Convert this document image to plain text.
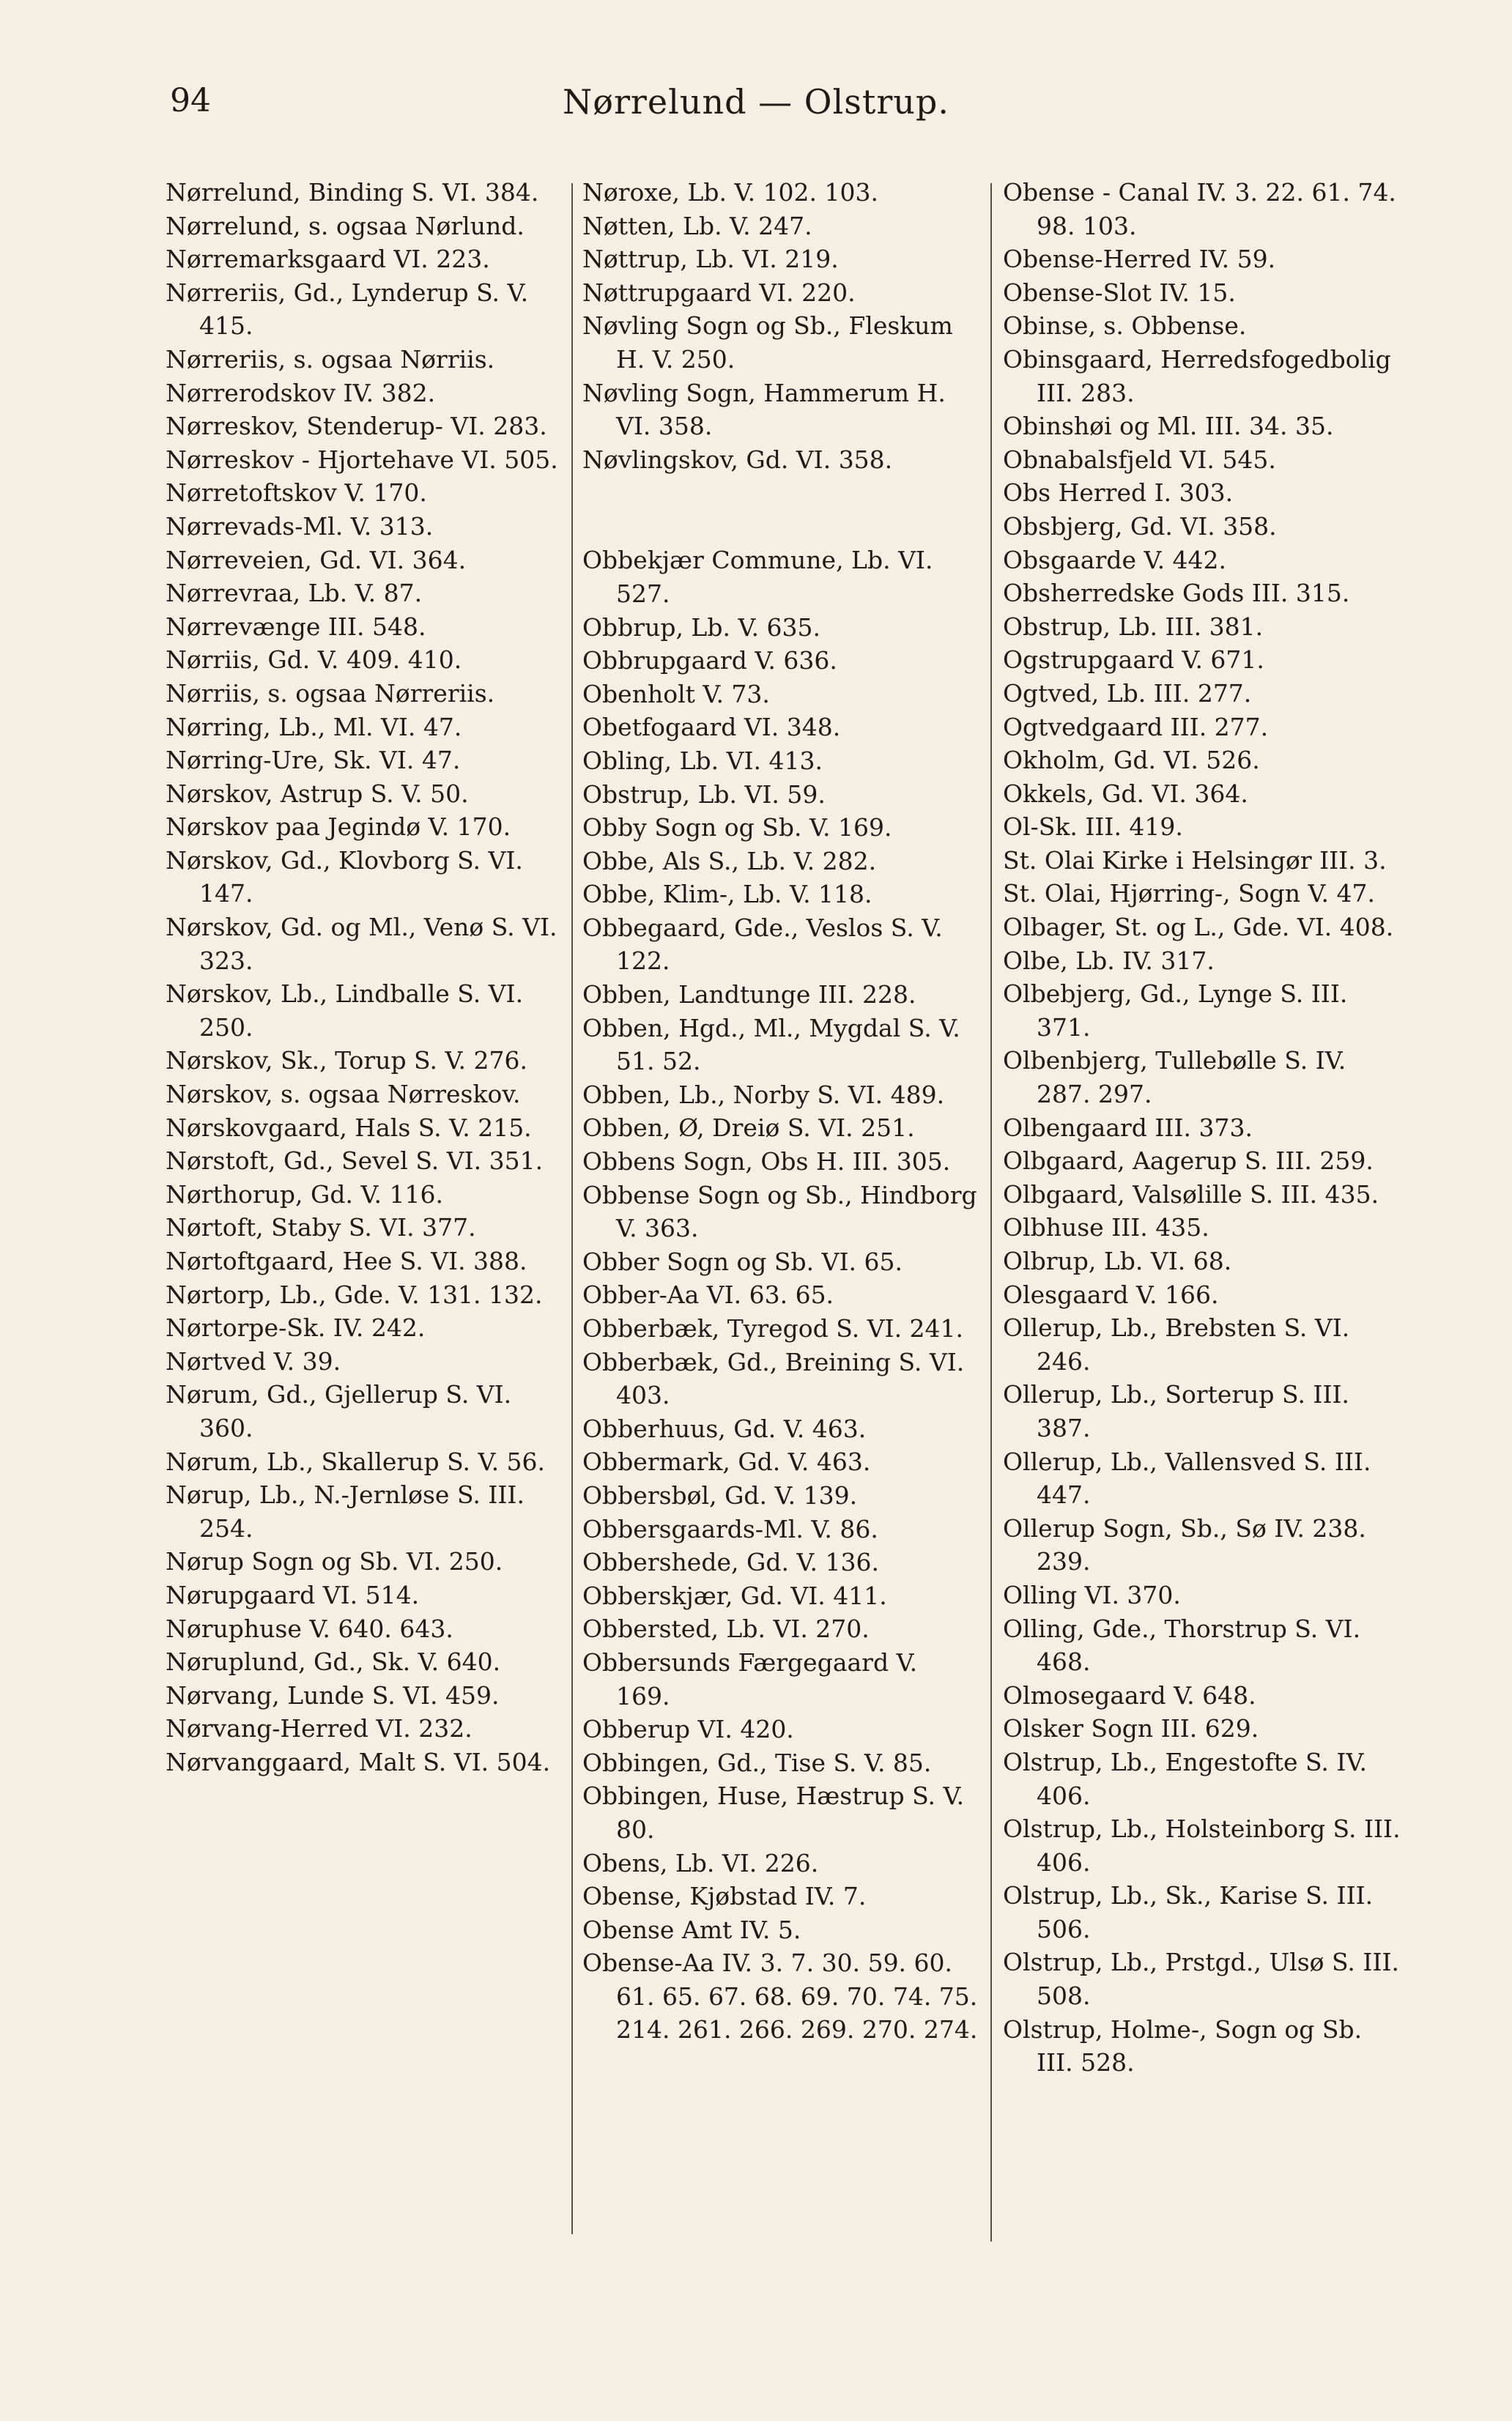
94	Nørrelund — Olstrup.

Nørrelund, Binding S. VI. 384.

Nørrelund, s. ogsaa Nørlund.

Nørremarksgaard VI. 223.

Nørreriis, Gd., Lynderup S. V. 415.

Nørreriis, s. ogsaa Nørriis.

Nørrerodskov IV. 382.

Nørreskov, Stenderup- VI. 283.

Nørreskov - Hjortehave VI. 505.

Nørretoftskov V. 170.

Nørrevads-Ml. V. 313.

Nørreveien, Gd. VI. 364.

Nørrevraa, Lb. V. 87.

Nørrevænge III. 548.

Nørriis, Gd. V. 409. 410.

Nørriis, s. ogsaa Nørreriis.

Nørring, Lb., Ml. VI. 47.

Nørring-Ure, Sk. VI. 47.

Nørskov, Astrup S. V. 50.

Nørskov paa Jegindø V. 170.

Nørskov, Gd., Klovborg S. VI. 147.

Nørskov, Gd. og Ml., Venø S. VI. 323.

Nørskov, Lb., Lindballe S. VI. 250.

Nørskov, Sk., Torup S. V. 276.

Nørskov, s. ogsaa Nørreskov.

Nørskovgaard, Hals S. V. 215.

Nørstoft, Gd., Sevel S. VI. 351.

Nørthorup, Gd. V. 116.

Nørtoft, Staby S. VI. 377.

Nørtoftgaard, Hee S. VI. 388.

Nørtorp, Lb., Gde. V. 131. 132.

Nørtorpe-Sk. IV. 242.

Nørtved V. 39.

Nørum, Gd., Gjellerup S. VI. 360.

Nørum, Lb., Skallerup S. V. 56.

Nørup, Lb., N.-Jernløse S. III. 254.

Nørup Sogn og Sb. VI. 250.

Nørupgaard VI. 514.

Nøruphuse V. 640. 643.

Nøruplund, Gd., Sk. V. 640.

Nørvang, Lunde S. VI. 459.

Nørvang-Herred VI. 232.

Nørvanggaard, Malt S. VI. 504.

Nøroxe, Lb. V. 102. 103.

Nøtten, Lb. V. 247.

Nøttrup, Lb. VI. 219.

Nøttrupgaard VI. 220.

Nøvling Sogn og Sb., Fleskum H. V. 250.

Nøvling Sogn, Hammerum H. VI. 358.

Nøvlingskov, Gd. VI. 358.

Obbekjær Commune, Lb. VI. 527.

Obbrup, Lb. V. 635.

Obbrupgaard V. 636.

Obenholt V. 73.

Obetfogaard VI. 348.

Obling, Lb. VI. 413.

Obstrup, Lb. VI. 59.

Obby Sogn og Sb. V. 169.

Obbe, Als S., Lb. V. 282.

Obbe, Klim-, Lb. V. 118.

Obbegaard, Gde., Veslos S. V. 122.

Obben, Landtunge III. 228.

Obben, Hgd., Ml., Mygdal S. V. 51. 52.

Obben, Lb., Norby S. VI. 489.

Obben, Ø, Dreiø S. VI. 251.

Obbens Sogn, Obs H. III. 305.

Obbense Sogn og Sb., Hindborg V. 363.

Obber Sogn og Sb. VI. 65.

Obber-Aa VI. 63. 65.

Obberbæk, Tyregod S. VI. 241.

Obberbæk, Gd., Breining S. VI. 403.

Obberhuus, Gd. V. 463.

Obbermark, Gd. V. 463.

Obbersbøl, Gd. V. 139.

Obbersgaards-Ml. V. 86.

Obbershede, Gd. V. 136.

Obberskjær, Gd. VI. 411.

Obbersted, Lb. VI. 270.

Obbersunds Færgegaard V. 169.

Obberup VI. 420.

Obbingen, Gd., Tise S. V. 85.

Obbingen, Huse, Hæstrup S. V. 80.

Obens, Lb. VI. 226.

Obense, Kjøbstad IV. 7.

Obense Amt IV. 5.

Obense-Aa IV. 3. 7. 30. 59. 60. 61. 65. 67. 68. 69. 70. 74. 75. 214. 261. 266. 269. 270. 274.

Obense - Canal IV. 3. 22. 61. 74. 98. 103.

Obense-Herred IV. 59.

Obense-Slot IV. 15.

Obinse, s. Obbense.

Obinsgaard, Herredsfogedbolig III. 283.

Obinshøi og Ml. III. 34. 35.

Obnabalsfjeld VI. 545.

Obs Herred I. 303.

Obsbjerg, Gd. VI. 358.

Obsgaarde V. 442.

Obsherredske Gods III. 315.

Obstrup, Lb. III. 381.

Ogstrupgaard V. 671.

Ogtved, Lb. III. 277.

Ogtvedgaard III. 277.

Okholm, Gd. VI. 526.

Okkels, Gd. VI. 364.

Ol-Sk. III. 419.

St. Olai Kirke i Helsingør III. 3.

St. Olai, Hjørring-, Sogn V. 47.

Olbager, St. og L., Gde. VI. 408.

Olbe, Lb. IV. 317.

Olbebjerg, Gd., Lynge S. III. 371.

Olbenbjerg, Tullebølle S. IV. 287. 297.

Olbengaard III. 373.

Olbgaard, Aagerup S. III. 259.

Olbgaard, Valsølille S. III. 435.

Olbhuse III. 435.

Olbrup, Lb. VI. 68.

Olesgaard V. 166.

Ollerup, Lb., Brebsten S. VI. 246.

Ollerup, Lb., Sorterup S. III. 387.

Ollerup, Lb., Vallensved S. III. 447.

Ollerup Sogn, Sb., Sø IV. 238. 239.

Olling VI. 370.

Olling, Gde., Thorstrup S. VI. 468.

Olmosegaard V. 648.

Olsker Sogn III. 629.

Olstrup, Lb., Engestofte S. IV. 406.

Olstrup, Lb., Holsteinborg S. III. 406.

Olstrup, Lb., Sk., Karise S. III. 506.

Olstrup, Lb., Prstgd., Ulsø S. III. 508.

Olstrup, Holme-, Sogn og Sb. III. 528.
